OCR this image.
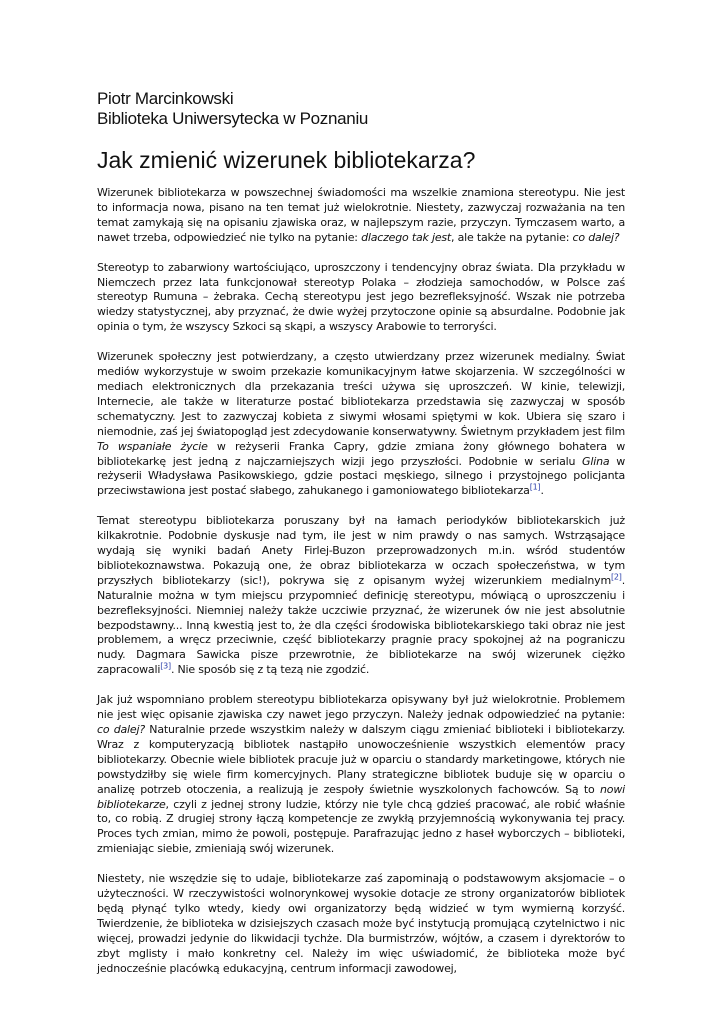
Piotr Marcinkowski
Biblioteka Uniwersytecka w Poznaniu
Jak zmienić wizerunek bibliotekarza?

Wizerunek bibliotekarza w powszechnej świadomości ma wszelkie znamiona stereotypu. Nie jest to informacja nowa, pisano na ten temat już wielokrotnie. Niestety, zazwyczaj rozważania na ten temat zamykają się na opisaniu zjawiska oraz, w najlepszym razie, przyczyn. Tymczasem warto, a nawet trzeba, odpowiedzieć nie tylko na pytanie: dlaczego tak jest, ale także na pytanie: co dalej?

Stereotyp to zabarwiony wartościująco, uproszczony i tendencyjny obraz świata. Dla przykładu w Niemczech przez lata funkcjonował stereotyp Polaka – złodzieja samochodów, w Polsce zaś stereotyp Rumuna – żebraka. Cechą stereotypu jest jego bezrefleksyjność. Wszak nie potrzeba wiedzy statystycznej, aby przyznać, że dwie wyżej przytoczone opinie są absurdalne. Podobnie jak opinia o tym, że wszyscy Szkoci są skąpi, a wszyscy Arabowie to terroryści.

Wizerunek społeczny jest potwierdzany, a często utwierdzany przez wizerunek medialny. Świat mediów wykorzystuje w swoim przekazie komunikacyjnym łatwe skojarzenia. W szczególności w mediach elektronicznych dla przekazania treści używa się uproszczeń. W kinie, telewizji, Internecie, ale także w literaturze postać bibliotekarza przedstawia się zazwyczaj w sposób schematyczny. Jest to zazwyczaj kobieta z siwymi włosami spiętymi w kok. Ubiera się szaro i niemodnie, zaś jej światopogląd jest zdecydowanie konserwatywny. Świetnym przykładem jest film To wspaniałe życie w reżyserii Franka Capry, gdzie zmiana żony głównego bohatera w bibliotekarkę jest jedną z najczarniejszych wizji jego przyszłości. Podobnie w serialu Glina w reżyserii Władysława Pasikowskiego, gdzie postaci męskiego, silnego i przystojnego policjanta przeciwstawiona jest postać słabego, zahukanego i gamoniowatego bibliotekarza[1].

Temat stereotypu bibliotekarza poruszany był na łamach periodyków bibliotekarskich już kilkakrotnie. Podobnie dyskusje nad tym, ile jest w nim prawdy o nas samych. Wstrząsające wydają się wyniki badań Anety Firlej-Buzon przeprowadzonych m.in. wśród studentów bibliotekoznawstwa. Pokazują one, że obraz bibliotekarza w oczach społeczeństwa, w tym przyszłych bibliotekarzy (sic!), pokrywa się z opisanym wyżej wizerunkiem medialnym[2]. Naturalnie można w tym miejscu przypomnieć definicję stereotypu, mówiącą o uproszczeniu i bezrefleksyjności. Niemniej należy także uczciwie przyznać, że wizerunek ów nie jest absolutnie bezpodstawny... Inną kwestią jest to, że dla części środowiska bibliotekarskiego taki obraz nie jest problemem, a wręcz przeciwnie, część bibliotekarzy pragnie pracy spokojnej aż na pograniczu nudy. Dagmara Sawicka pisze przewrotnie, że bibliotekarze na swój wizerunek ciężko zapracowali[3]. Nie sposób się z tą tezą nie zgodzić.

Jak już wspomniano problem stereotypu bibliotekarza opisywany był już wielokrotnie. Problemem nie jest więc opisanie zjawiska czy nawet jego przyczyn. Należy jednak odpowiedzieć na pytanie: co dalej? Naturalnie przede wszystkim należy w dalszym ciągu zmieniać biblioteki i bibliotekarzy. Wraz z komputeryzacją bibliotek nastąpiło unowocześnienie wszystkich elementów pracy bibliotekarzy. Obecnie wiele bibliotek pracuje już w oparciu o standardy marketingowe, których nie powstydziłby się wiele firm komercyjnych. Plany strategiczne bibliotek buduje się w oparciu o analizę potrzeb otoczenia, a realizują je zespoły świetnie wyszkolonych fachowców. Są to nowi bibliotekarze, czyli z jednej strony ludzie, którzy nie tyle chcą gdzieś pracować, ale robić właśnie to, co robią. Z drugiej strony łączą kompetencje ze zwykłą przyjemnością wykonywania tej pracy. Proces tych zmian, mimo że powoli, postępuje. Parafrazując jedno z haseł wyborczych – biblioteki, zmieniając siebie, zmieniają swój wizerunek.

Niestety, nie wszędzie się to udaje, bibliotekarze zaś zapominają o podstawowym aksjomacie – o użyteczności. W rzeczywistości wolnorynkowej wysokie dotacje ze strony organizatorów bibliotek będą płynąć tylko wtedy, kiedy owi organizatorzy będą widzieć w tym wymierną korzyść. Twierdzenie, że biblioteka w dzisiejszych czasach może być instytucją promującą czytelnictwo i nic więcej, prowadzi jedynie do likwidacji tychże. Dla burmistrzów, wójtów, a czasem i dyrektorów to zbyt mglisty i mało konkretny cel. Należy im więc uświadomić, że biblioteka może być jednocześnie placówką edukacyjną, centrum informacji zawodowej,
